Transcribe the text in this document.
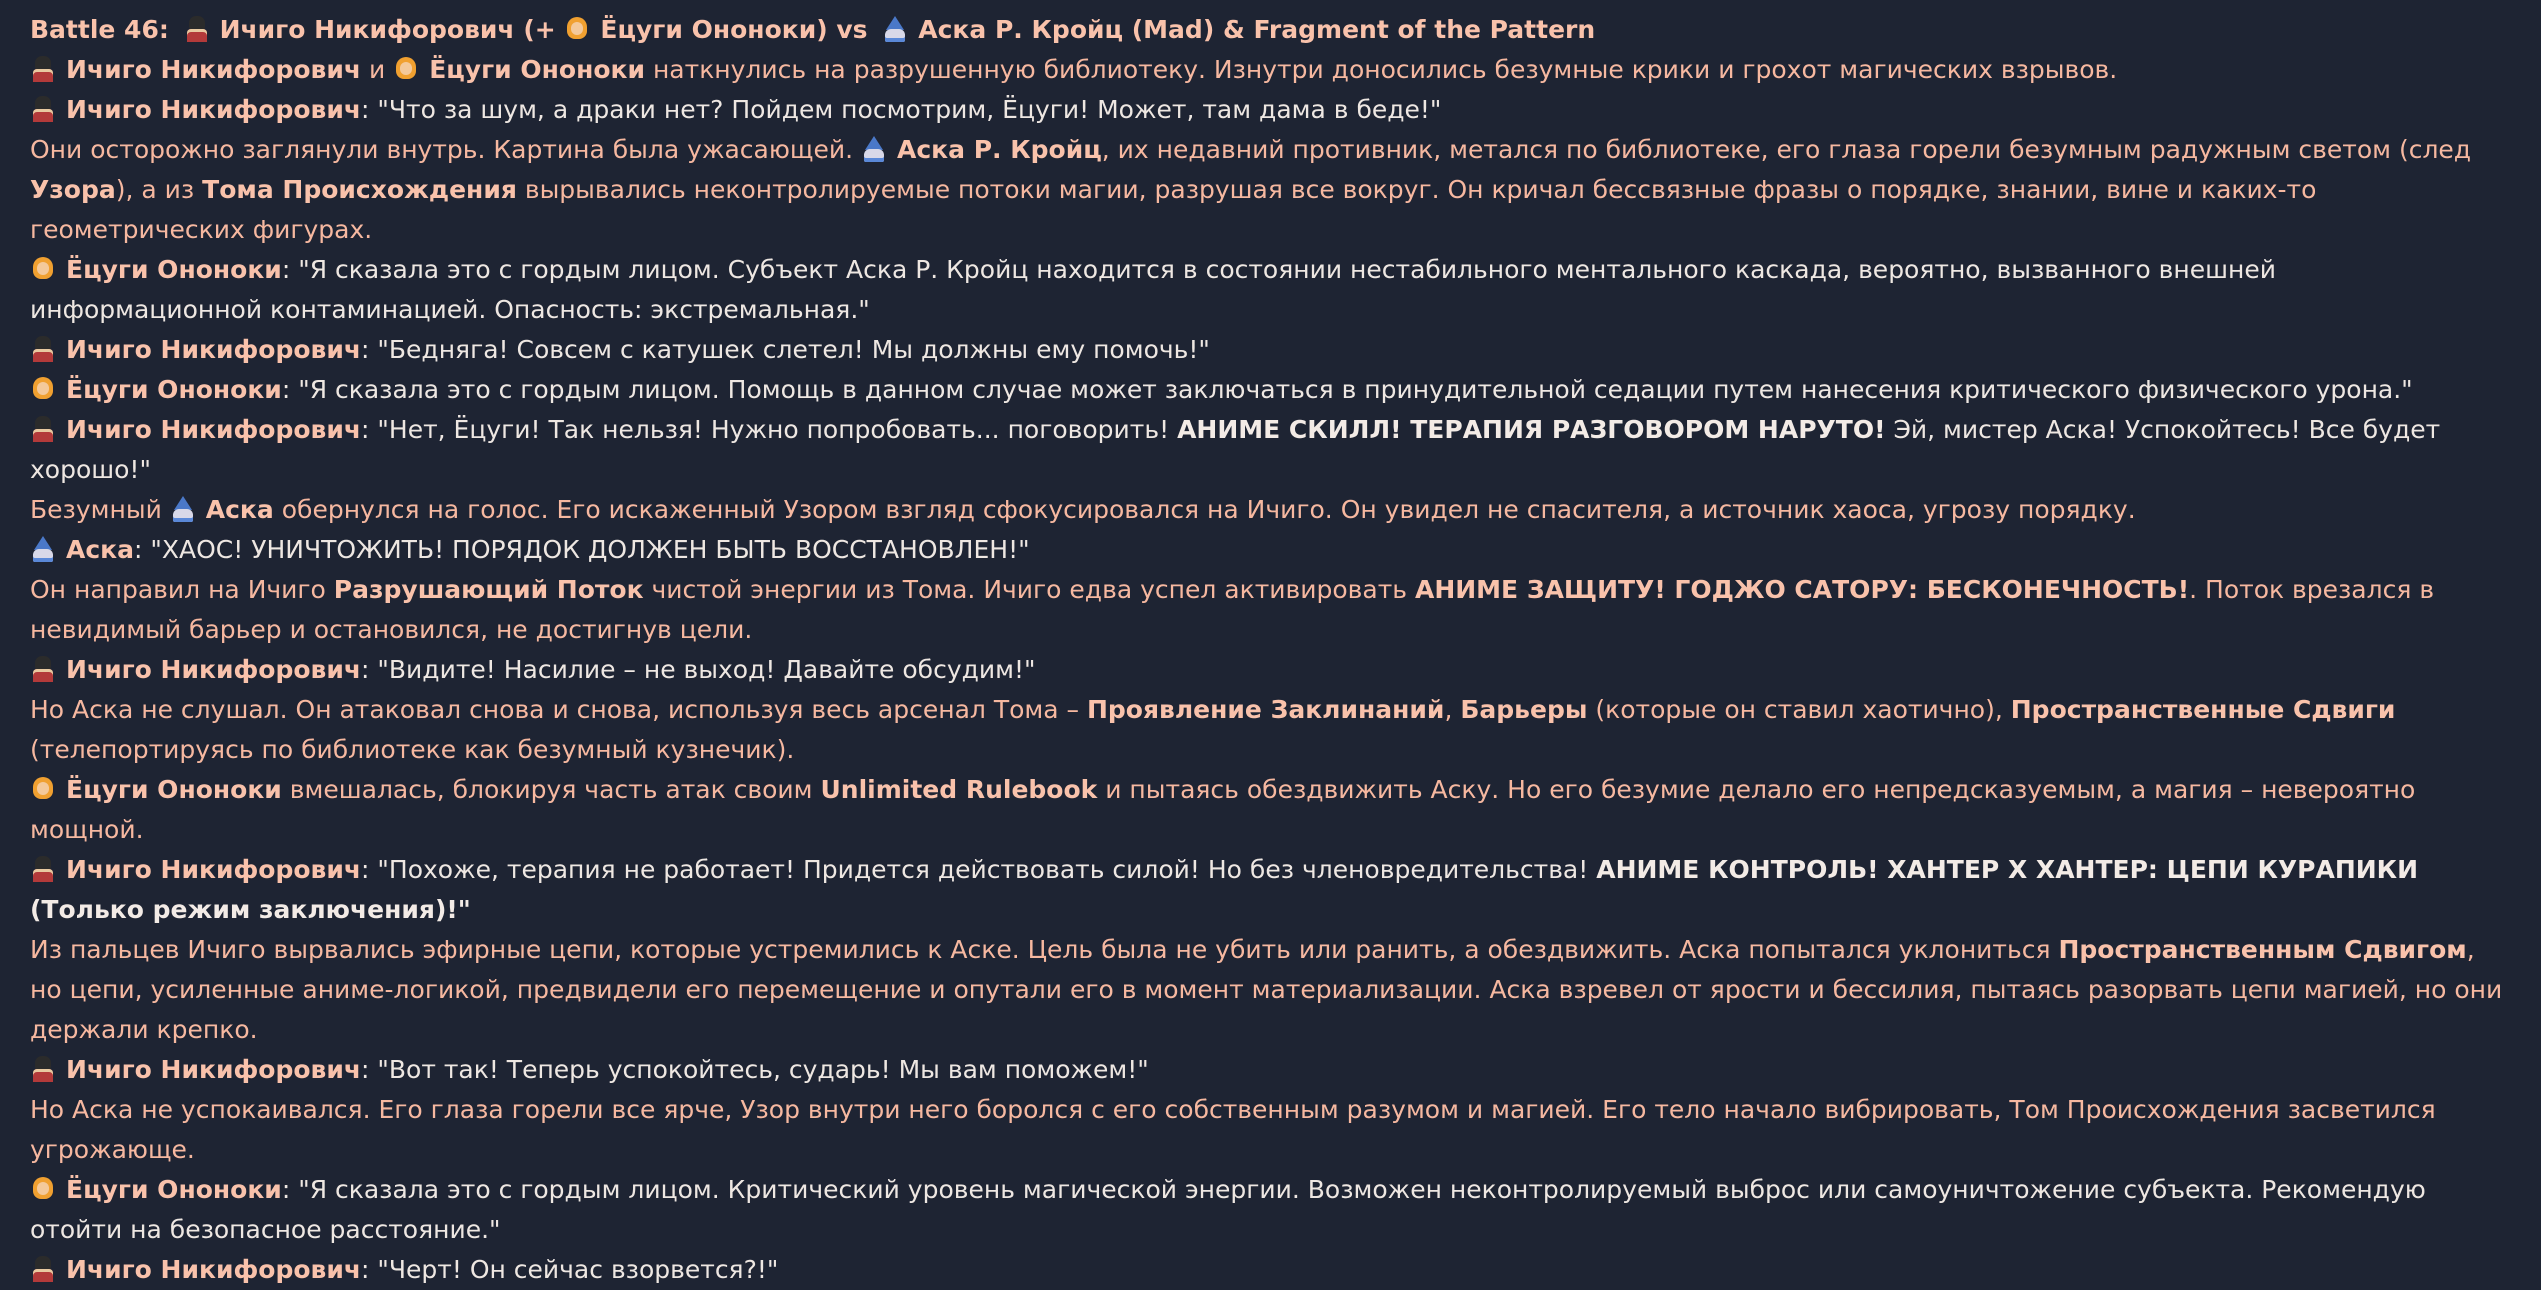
Battle 46: Ичиго Никифорович (+ Ёцуги Ононоки) vs Аска Р. Кройц (Mad) & Fragment of the Pattern

Ичиго Никифорович и Ёцуги Ононоки наткнулись на разрушенную библиотеку. Изнутри доносились безумные крики и грохот магических взрывов.

Ичиго Никифорович: "Что за шум, а драки нет? Пойдем посмотрим, Ёцуги! Может, там дама в беде!"

Они осторожно заглянули внутрь. Картина была ужасающей. Аска Р. Кройц, их недавний противник, метался по библиотеке, его глаза горели безумным радужным светом (след Узора), а из Тома Происхождения вырывались неконтролируемые потоки магии, разрушая все вокруг. Он кричал бессвязные фразы о порядке, знании, вине и каких-то геометрических фигурах.

Ёцуги Ононоки: "Я сказала это с гордым лицом. Субъект Аска Р. Кройц находится в состоянии нестабильного ментального каскада, вероятно, вызванного внешней информационной контаминацией. Опасность: экстремальная."

Ичиго Никифорович: "Бедняга! Совсем с катушек слетел! Мы должны ему помочь!"

Ёцуги Ононоки: "Я сказала это с гордым лицом. Помощь в данном случае может заключаться в принудительной седации путем нанесения критического физического урона."

Ичиго Никифорович: "Нет, Ёцуги! Так нельзя! Нужно попробовать... поговорить! АНИМЕ СКИЛЛ! ТЕРАПИЯ РАЗГОВОРОМ НАРУТО! Эй, мистер Аска! Успокойтесь! Все будет хорошо!"

Безумный Аска обернулся на голос. Его искаженный Узором взгляд сфокусировался на Ичиго. Он увидел не спасителя, а источник хаоса, угрозу порядку.

Аска: "ХАОС! УНИЧТОЖИТЬ! ПОРЯДОК ДОЛЖЕН БЫТЬ ВОССТАНОВЛЕН!"

Он направил на Ичиго Разрушающий Поток чистой энергии из Тома. Ичиго едва успел активировать АНИМЕ ЗАЩИТУ! ГОДЖО САТОРУ: БЕСКОНЕЧНОСТЬ!. Поток врезался в невидимый барьер и остановился, не достигнув цели.

Ичиго Никифорович: "Видите! Насилие – не выход! Давайте обсудим!"

Но Аска не слушал. Он атаковал снова и снова, используя весь арсенал Тома – Проявление Заклинаний, Барьеры (которые он ставил хаотично), Пространственные Сдвиги (телепортируясь по библиотеке как безумный кузнечик).

Ёцуги Ононоки вмешалась, блокируя часть атак своим Unlimited Rulebook и пытаясь обездвижить Аску. Но его безумие делало его непредсказуемым, а магия – невероятно мощной.

Ичиго Никифорович: "Похоже, терапия не работает! Придется действовать силой! Но без членовредительства! АНИМЕ КОНТРОЛЬ! ХАНТЕР Х ХАНТЕР: ЦЕПИ КУРАПИКИ (Только режим заключения)!"

Из пальцев Ичиго вырвались эфирные цепи, которые устремились к Аске. Цель была не убить или ранить, а обездвижить. Аска попытался уклониться Пространственным Сдвигом, но цепи, усиленные аниме-логикой, предвидели его перемещение и опутали его в момент материализации. Аска взревел от ярости и бессилия, пытаясь разорвать цепи магией, но они держали крепко.

Ичиго Никифорович: "Вот так! Теперь успокойтесь, сударь! Мы вам поможем!"

Но Аска не успокаивался. Его глаза горели все ярче, Узор внутри него боролся с его собственным разумом и магией. Его тело начало вибрировать, Том Происхождения засветился угрожающе.

Ёцуги Ононоки: "Я сказала это с гордым лицом. Критический уровень магической энергии. Возможен неконтролируемый выброс или самоуничтожение субъекта. Рекомендую отойти на безопасное расстояние."

Ичиго Никифорович: "Черт! Он сейчас взорвется?!"
